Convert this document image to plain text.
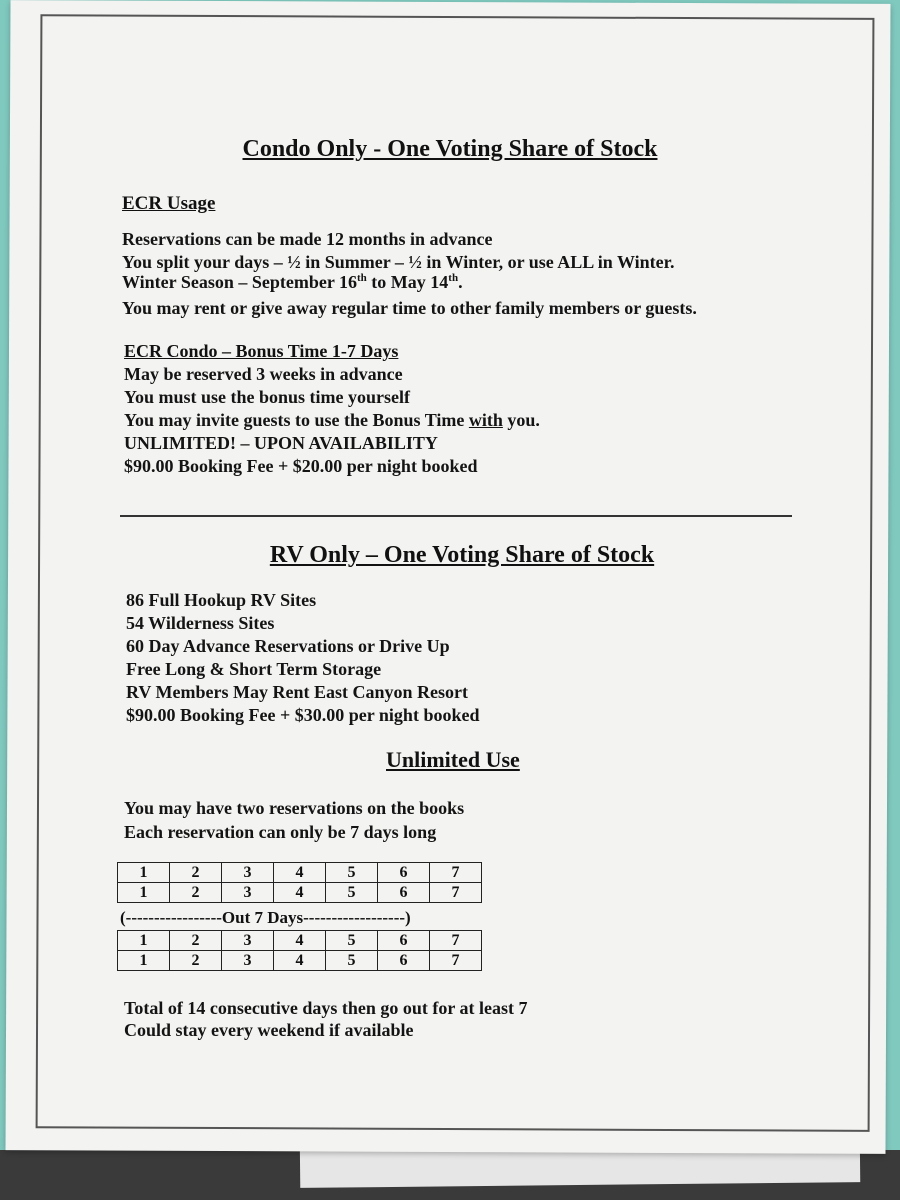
Condo Only - One Voting Share of Stock
ECR Usage
Reservations can be made 12 months in advance
You split your days – ½ in Summer – ½ in Winter, or use ALL in Winter.
Winter Season – September 16th to May 14th.
You may rent or give away regular time to other family members or guests.
ECR Condo – Bonus Time 1-7 Days
May be reserved 3 weeks in advance
You must use the bonus time yourself
You may invite guests to use the Bonus Time with you.
UNLIMITED! – UPON AVAILABILITY
$90.00 Booking Fee + $20.00 per night booked
RV Only – One Voting Share of Stock
86 Full Hookup RV Sites
54 Wilderness Sites
60 Day Advance Reservations or Drive Up
Free Long & Short Term Storage
RV Members May Rent East Canyon Resort
$90.00 Booking Fee + $30.00 per night booked
Unlimited Use
You may have two reservations on the books
Each reservation can only be 7 days long
1	2	3	4	5	6	7
1	2	3	4	5	6	7
(-----------------Out 7 Days------------------)
1	2	3	4	5	6	7
1	2	3	4	5	6	7
Total of 14 consecutive days then go out for at least 7
Could stay every weekend if available
